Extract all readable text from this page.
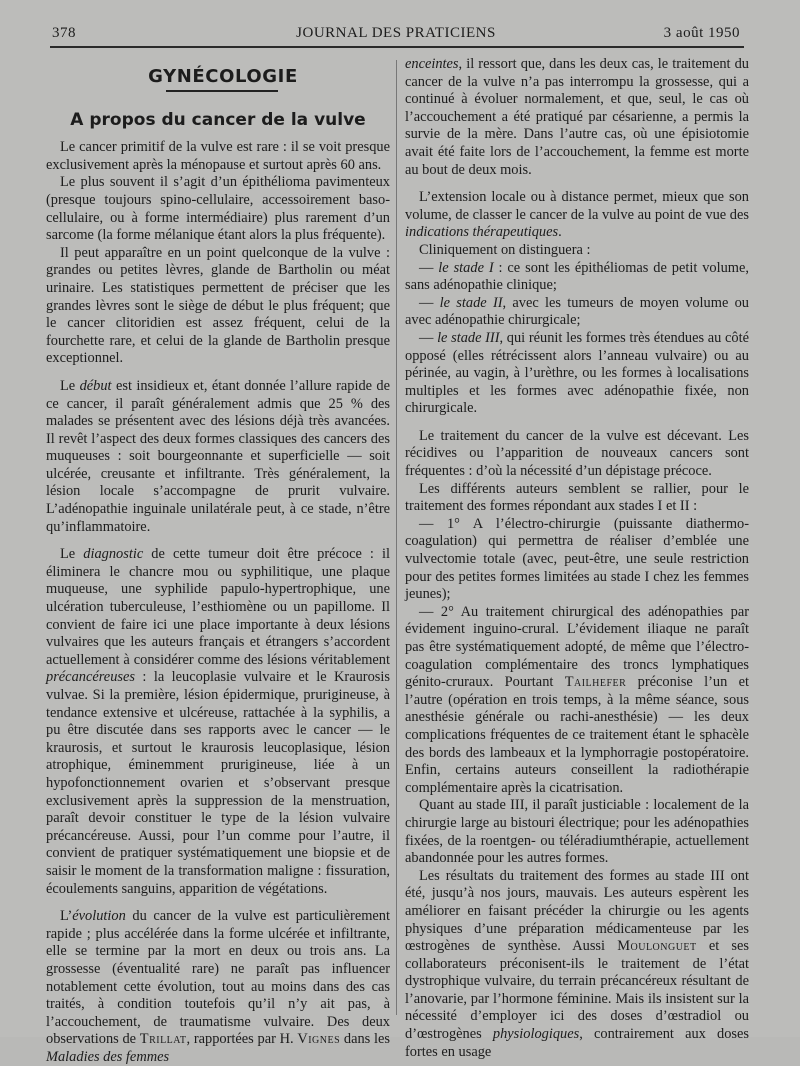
378	JOURNAL DES PRATICIENS	3 août 1950
GYNÉCOLOGIE
A propos du cancer de la vulve

Le cancer primitif de la vulve est rare : il se voit presque exclusivement après la ménopause et surtout après 60 ans.

Le plus souvent il s’agit d’un épithélioma pavimenteux (presque toujours spino-cellulaire, accessoirement baso-cellulaire, ou à forme intermédiaire) plus rarement d’un sarcome (la forme mélanique étant alors la plus fréquente).

Il peut apparaître en un point quelconque de la vulve : grandes ou petites lèvres, glande de Bartholin ou méat urinaire. Les statistiques permettent de préciser que les grandes lèvres sont le siège de début le plus fréquent; que le cancer clitoridien est assez fréquent, celui de la fourchette rare, et celui de la glande de Bartholin presque exceptionnel.

Le début est insidieux et, étant donnée l’allure rapide de ce cancer, il paraît généralement admis que 25 % des malades se présentent avec des lésions déjà très avancées. Il revêt l’aspect des deux formes classiques des cancers des muqueuses : soit bourgeonnante et superficielle — soit ulcérée, creusante et infiltrante. Très généralement, la lésion locale s’accompagne de prurit vulvaire. L’adénopathie inguinale unilatérale peut, à ce stade, n’être qu’inflammatoire.

Le diagnostic de cette tumeur doit être précoce : il éliminera le chancre mou ou syphilitique, une plaque muqueuse, une syphilide papulo-hypertrophique, une ulcération tuberculeuse, l’esthiomène ou un papillome. Il convient de faire ici une place importante à deux lésions vulvaires que les auteurs français et étrangers s’accordent actuellement à considérer comme des lésions véritablement précancéreuses : la leucoplasie vulvaire et le Kraurosis vulvae. Si la première, lésion épidermique, prurigineuse, à tendance extensive et ulcéreuse, rattachée à la syphilis, a pu être discutée dans ses rapports avec le cancer — le kraurosis, et surtout le kraurosis leucoplasique, lésion atrophique, éminemment prurigineuse, liée à un hypofonctionnement ovarien et s’observant presque exclusivement après la suppression de la menstruation, paraît devoir constituer le type de la lésion vulvaire précancéreuse. Aussi, pour l’un comme pour l’autre, il convient de pratiquer systématiquement une biopsie et de saisir le moment de la transformation maligne : fissuration, écoulements sanguins, apparition de végétations.

L’évolution du cancer de la vulve est particulièrement rapide ; plus accélérée dans la forme ulcérée et infiltrante, elle se termine par la mort en deux ou trois ans. La grossesse (éventualité rare) ne paraît pas influencer notablement cette évolution, tout au moins dans des cas traités, à condition toutefois qu’il n’y ait pas, à l’accouchement, de traumatisme vulvaire. Des deux observations de Trillat, rapportées par H. Vignes dans les Maladies des femmes

enceintes, il ressort que, dans les deux cas, le traitement du cancer de la vulve n’a pas interrompu la grossesse, qui a continué à évoluer normalement, et que, seul, le cas où l’accouchement a été pratiqué par césarienne, a permis la survie de la mère. Dans l’autre cas, où une épisiotomie avait été faite lors de l’accouchement, la femme est morte au bout de deux mois.

L’extension locale ou à distance permet, mieux que son volume, de classer le cancer de la vulve au point de vue des indications thérapeutiques.

Cliniquement on distinguera :

— le stade I : ce sont les épithéliomas de petit volume, sans adénopathie clinique;

— le stade II, avec les tumeurs de moyen volume ou avec adénopathie chirurgicale;

— le stade III, qui réunit les formes très étendues au côté opposé (elles rétrécissent alors l’anneau vulvaire) ou au périnée, au vagin, à l’urèthre, ou les formes à localisations multiples et les formes avec adénopathie fixée, non chirurgicale.

Le traitement du cancer de la vulve est décevant. Les récidives ou l’apparition de nouveaux cancers sont fréquentes : d’où la nécessité d’un dépistage précoce.

Les différents auteurs semblent se rallier, pour le traitement des formes répondant aux stades I et II :

— 1° A l’électro-chirurgie (puissante diathermo-coagulation) qui permettra de réaliser d’emblée une vulvectomie totale (avec, peut-être, une seule restriction pour des petites formes limitées au stade I chez les femmes jeunes);

— 2° Au traitement chirurgical des adénopathies par évidement inguino-crural. L’évidement iliaque ne paraît pas être systématiquement adopté, de même que l’électro-coagulation complémentaire des troncs lymphatiques génito-cruraux. Pourtant Tailhefer préconise l’un et l’autre (opération en trois temps, à la même séance, sous anesthésie générale ou rachi-anesthésie) — les deux complications fréquentes de ce traitement étant le sphacèle des bords des lambeaux et la lymphorragie postopératoire. Enfin, certains auteurs conseillent la radiothérapie complémentaire après la cicatrisation.

Quant au stade III, il paraît justiciable : localement de la chirurgie large au bistouri électrique; pour les adénopathies fixées, de la roentgen- ou téléradiumthérapie, actuellement abandonnée pour les autres formes.

Les résultats du traitement des formes au stade III ont été, jusqu’à nos jours, mauvais. Les auteurs espèrent les améliorer en faisant précéder la chirurgie ou les agents physiques d’une préparation médicamenteuse par les œstrogènes de synthèse. Aussi Moulonguet et ses collaborateurs préconisent-ils le traitement de l’état dystrophique vulvaire, du terrain précancéreux résultant de l’anovarie, par l’hormone féminine. Mais ils insistent sur la nécessité d’employer ici des doses d’œstradiol ou d’œstrogènes physiologiques, contrairement aux doses fortes en usage
